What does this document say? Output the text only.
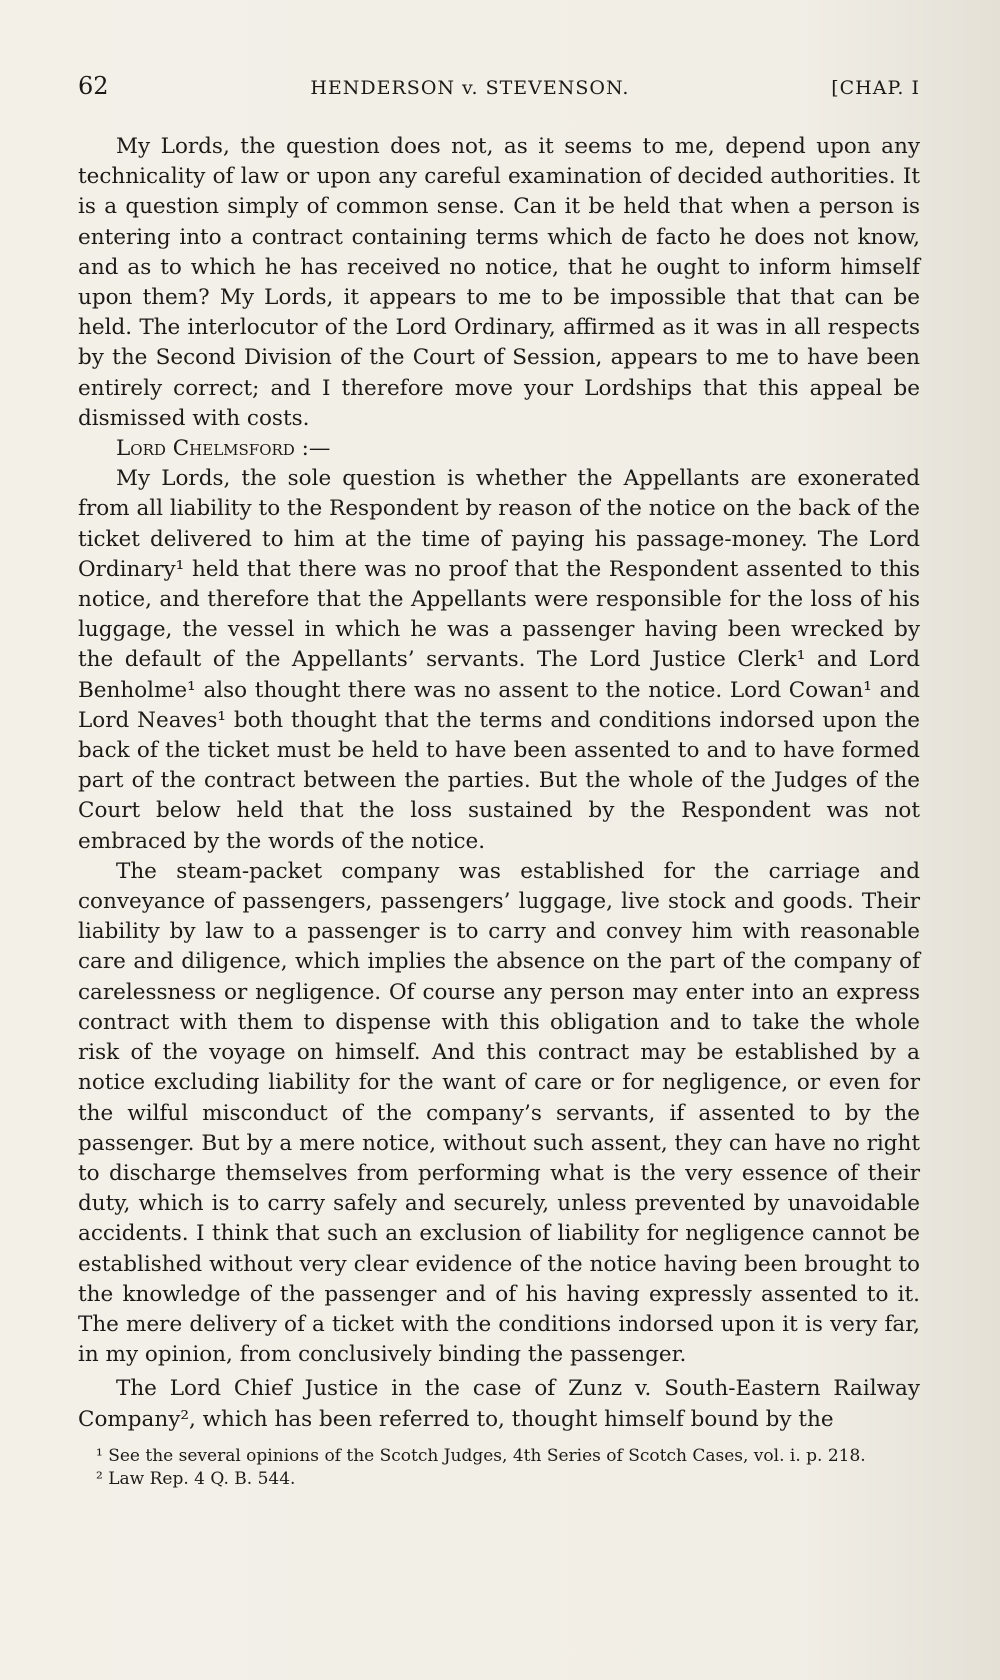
62	HENDERSON v. STEVENSON.	[CHAP. I

My Lords, the question does not, as it seems to me, depend upon any technicality of law or upon any careful examination of decided authorities. It is a question simply of common sense. Can it be held that when a person is entering into a contract containing terms which de facto he does not know, and as to which he has received no notice, that he ought to inform himself upon them? My Lords, it appears to me to be impossible that that can be held. The interlocutor of the Lord Ordinary, affirmed as it was in all respects by the Second Division of the Court of Session, appears to me to have been entirely correct; and I therefore move your Lordships that this appeal be dismissed with costs.

Lord Chelmsford :—

My Lords, the sole question is whether the Appellants are exonerated from all liability to the Respondent by reason of the notice on the back of the ticket delivered to him at the time of paying his passage-money. The Lord Ordinary¹ held that there was no proof that the Respondent assented to this notice, and therefore that the Appellants were responsible for the loss of his luggage, the vessel in which he was a passenger having been wrecked by the default of the Appellants’ servants. The Lord Justice Clerk¹ and Lord Benholme¹ also thought there was no assent to the notice. Lord Cowan¹ and Lord Neaves¹ both thought that the terms and conditions indorsed upon the back of the ticket must be held to have been assented to and to have formed part of the contract between the parties. But the whole of the Judges of the Court below held that the loss sustained by the Respondent was not embraced by the words of the notice.

The steam-packet company was established for the carriage and conveyance of passengers, passengers’ luggage, live stock and goods. Their liability by law to a passenger is to carry and convey him with reasonable care and diligence, which implies the absence on the part of the company of carelessness or negligence. Of course any person may enter into an express contract with them to dispense with this obligation and to take the whole risk of the voyage on himself. And this contract may be established by a notice excluding liability for the want of care or for negligence, or even for the wilful misconduct of the company’s servants, if assented to by the passenger. But by a mere notice, without such assent, they can have no right to discharge themselves from performing what is the very essence of their duty, which is to carry safely and securely, unless prevented by unavoidable accidents. I think that such an exclusion of liability for negligence cannot be established without very clear evidence of the notice having been brought to the knowledge of the passenger and of his having expressly assented to it. The mere delivery of a ticket with the conditions indorsed upon it is very far, in my opinion, from conclusively binding the passenger.

The Lord Chief Justice in the case of Zunz v. South-Eastern Railway Company², which has been referred to, thought himself bound by the

¹ See the several opinions of the Scotch Judges, 4th Series of Scotch Cases, vol. i. p. 218.

² Law Rep. 4 Q. B. 544.
